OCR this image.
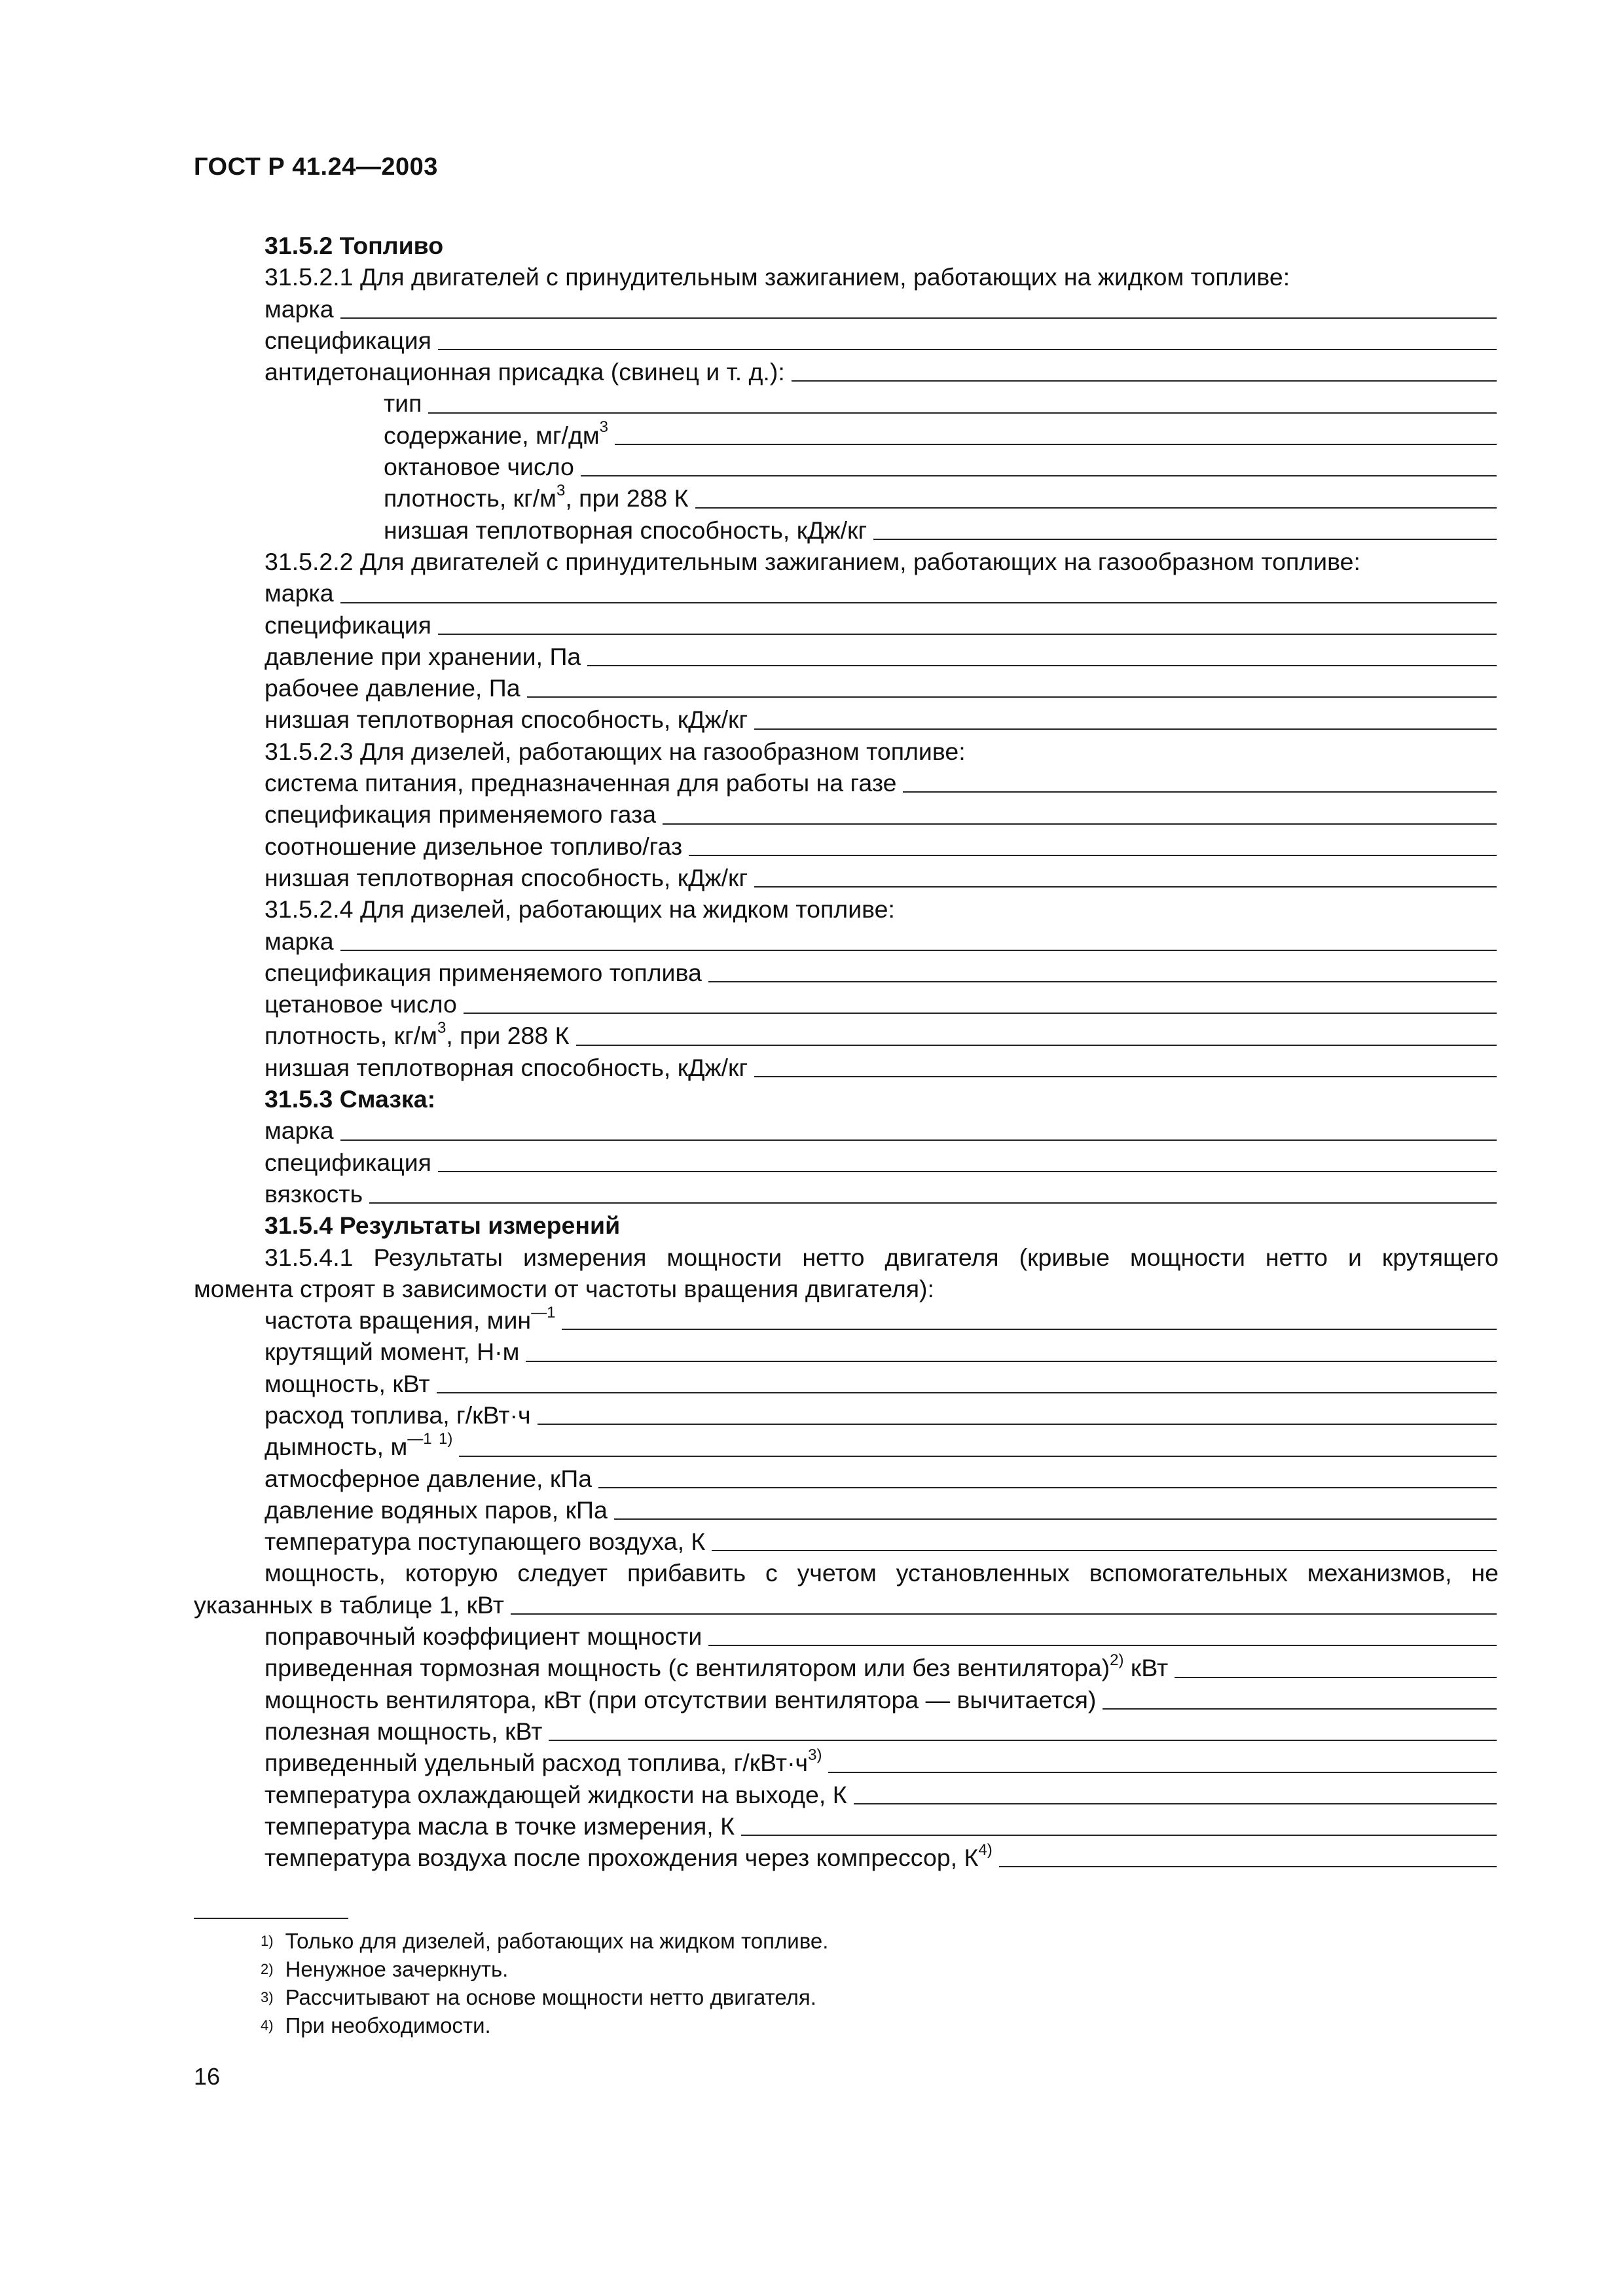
ГОСТ Р 41.24—2003
31.5.2 Топливо
31.5.2.1 Для двигателей с принудительным зажиганием, работающих на жидком топливе:
марка
спецификация
антидетонационная присадка (свинец и т. д.):
тип
содержание, $мг/дм^3$
октановое число
плотность, $кг/м^3$, при 288 К
низшая теплотворная способность, кДж/кг
31.5.2.2 Для двигателей с принудительным зажиганием, работающих на газообразном топливе:
марка
спецификация
давление при хранении, Па
рабочее давление, Па
низшая теплотворная способность, кДж/кг
31.5.2.3 Для дизелей, работающих на газообразном топливе:
система питания, предназначенная для работы на газе
спецификация применяемого газа
соотношение дизельное топливо/газ
низшая теплотворная способность, кДж/кг
31.5.2.4 Для дизелей, работающих на жидком топливе:
марка
спецификация применяемого топлива
цетановое число
плотность, $кг/м^3$, при 288 К
низшая теплотворная способность, кДж/кг
31.5.3 Смазка:
марка
спецификация
вязкость
31.5.4 Результаты измерений
31.5.4.1 Результаты измерения мощности нетто двигателя (кривые мощности нетто и крутящего
момента строят в зависимости от частоты вращения двигателя):
частота вращения, мин$^{—1}$
крутящий момент, Н·м
мощность, кВт
расход топлива, г/кВт·ч
дымность, $м^{—1}$ $^{1)}$
атмосферное давление, кПа
давление водяных паров, кПа
температура поступающего воздуха, К
мощность, которую следует прибавить с учетом установленных вспомогательных механизмов, не
указанных в таблице 1, кВт
поправочный коэффициент мощности
приведенная тормозная мощность (с вентилятором или без вентилятора)$^{2)}$ кВт
мощность вентилятора, кВт (при отсутствии вентилятора — вычитается)
полезная мощность, кВт
приведенный удельный расход топлива, $г/кВт\cdot ч^{3)}$
температура охлаждающей жидкости на выходе, К
температура масла в точке измерения, К
температура воздуха после прохождения через компрессор, $К^{4)}$
$^{1)}$ Только для дизелей, работающих на жидком топливе.
$^{2)}$ Ненужное зачеркнуть.
$^{3)}$ Рассчитывают на основе мощности нетто двигателя.
$^{4)}$ При необходимости.
16
